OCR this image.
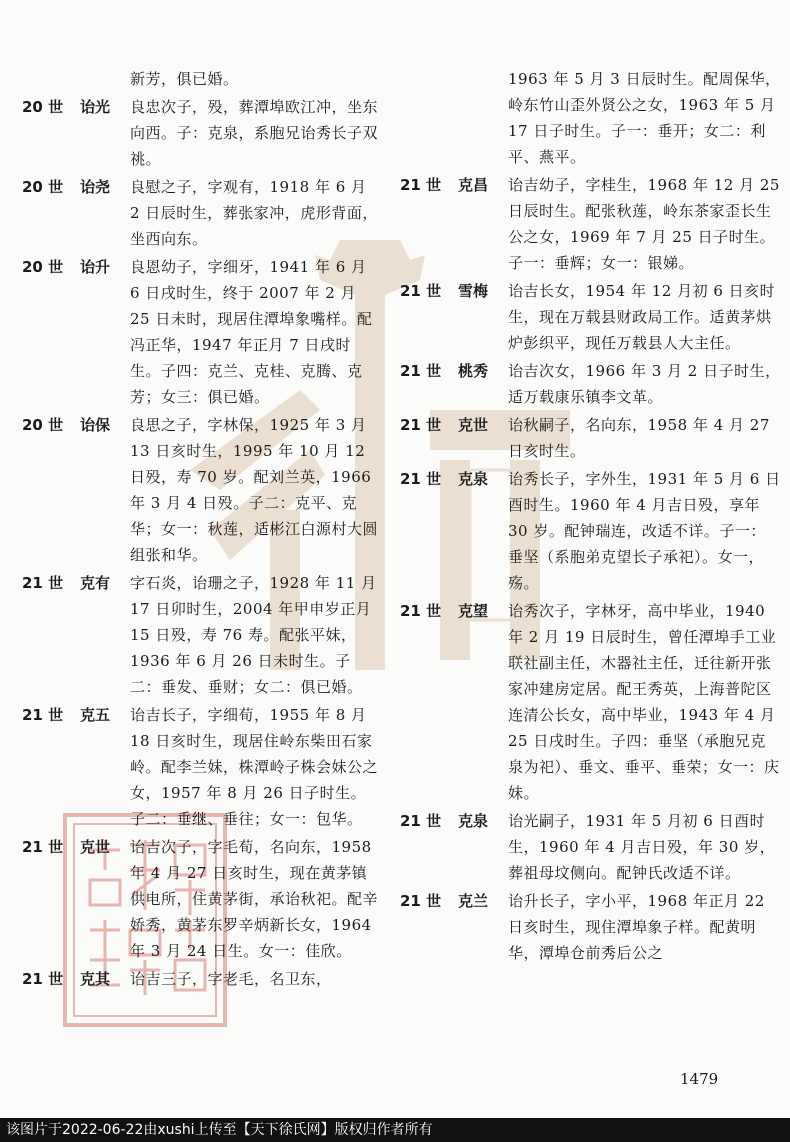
新芳，俱已婚。
20 世	诒光	良忠次子，殁，葬潭埠欧江冲，坐东向西。子：克泉，系胞兄诒秀长子双祧。
20 世	诒尧	良慰之子，字观有，1918 年 6 月 2 日辰时生，葬张家冲，虎形背面，坐西向东。
20 世	诒升	良恩幼子，字细牙，1941 年 6 月 6 日戌时生，终于 2007 年 2 月 25 日未时，现居住潭埠象嘴样。配冯正华，1947 年正月 7 日戌时生。子四：克兰、克桂、克腾、克芳；女三：俱已婚。
20 世	诒保	良思之子，字林保，1925 年 3 月 13 日亥时生，1995 年 10 月 12 日殁，寿 70 岁。配刘兰英，1966 年 3 月 4 日殁。子二：克平、克华；女一：秋莲，适彬江白源村大圆组张和华。
21 世	克有	字石炎，诒珊之子，1928 年 11 月 17 日卯时生，2004 年甲申岁正月 15 日殁，寿 76 寿。配张平妹，1936 年 6 月 26 日未时生。子二：垂发、垂财；女二：俱已婚。
21 世	克五	诒吉长子，字细荀，1955 年 8 月 18 日亥时生，现居住岭东柴田石家岭。配李兰妹，株潭岭子株会妹公之女，1957 年 8 月 26 日子时生。子二：垂继、垂往；女一：包华。
21 世	克世	诒吉次子，字毛荀，名向东，1958 年 4 月 27 日亥时生，现在黄茅镇供电所，住黄茅街，承诒秋祀。配辛娇秀，黄茅东罗辛炳新长女，1964 年 3 月 24 日生。女一：佳欣。
21 世	克其	诒吉三子，字老毛，名卫东，
1963 年 5 月 3 日辰时生。配周保华，岭东竹山歪外贤公之女，1963 年 5 月 17 日子时生。子一：垂开；女二：利平、燕平。
21 世	克昌	诒吉幼子，字桂生，1968 年 12 月 25 日辰时生。配张秋莲，岭东茶家歪长生公之女，1969 年 7 月 25 日子时生。子一：垂辉；女一：银娣。
21 世	雪梅	诒吉长女，1954 年 12 月初 6 日亥时生，现在万载县财政局工作。适黄茅烘炉彭织平，现任万载县人大主任。
21 世	桃秀	诒吉次女，1966 年 3 月 2 日子时生，适万载康乐镇李文革。
21 世	克世	诒秋嗣子，名向东，1958 年 4 月 27 日亥时生。
21 世	克泉	诒秀长子，字外生，1931 年 5 月 6 日酉时生。1960 年 4 月吉日殁，享年 30 岁。配钟瑞连，改适不详。子一：垂坚（系胞弟克望长子承祀）。女一，殇。
21 世	克望	诒秀次子，字林牙，高中毕业，1940 年 2 月 19 日辰时生，曾任潭埠手工业联社副主任，木器社主任，迁往新开张家冲建房定居。配王秀英，上海普陀区连清公长女，高中毕业，1943 年 4 月 25 日戌时生。子四：垂坚（承胞兄克泉为祀）、垂文、垂平、垂荣；女一：庆妹。
21 世	克泉	诒光嗣子，1931 年 5 月初 6 日酉时生，1960 年 4 月吉日殁，年 30 岁，葬祖母坟侧向。配钟氏改适不详。
21 世	克兰	诒升长子，字小平，1968 年正月 22 日亥时生，现住潭埠象子样。配黄明华，潭埠仓前秀后公之
1479
该图片于2022-06-22由xushi上传至【天下徐氏网】版权归作者所有
